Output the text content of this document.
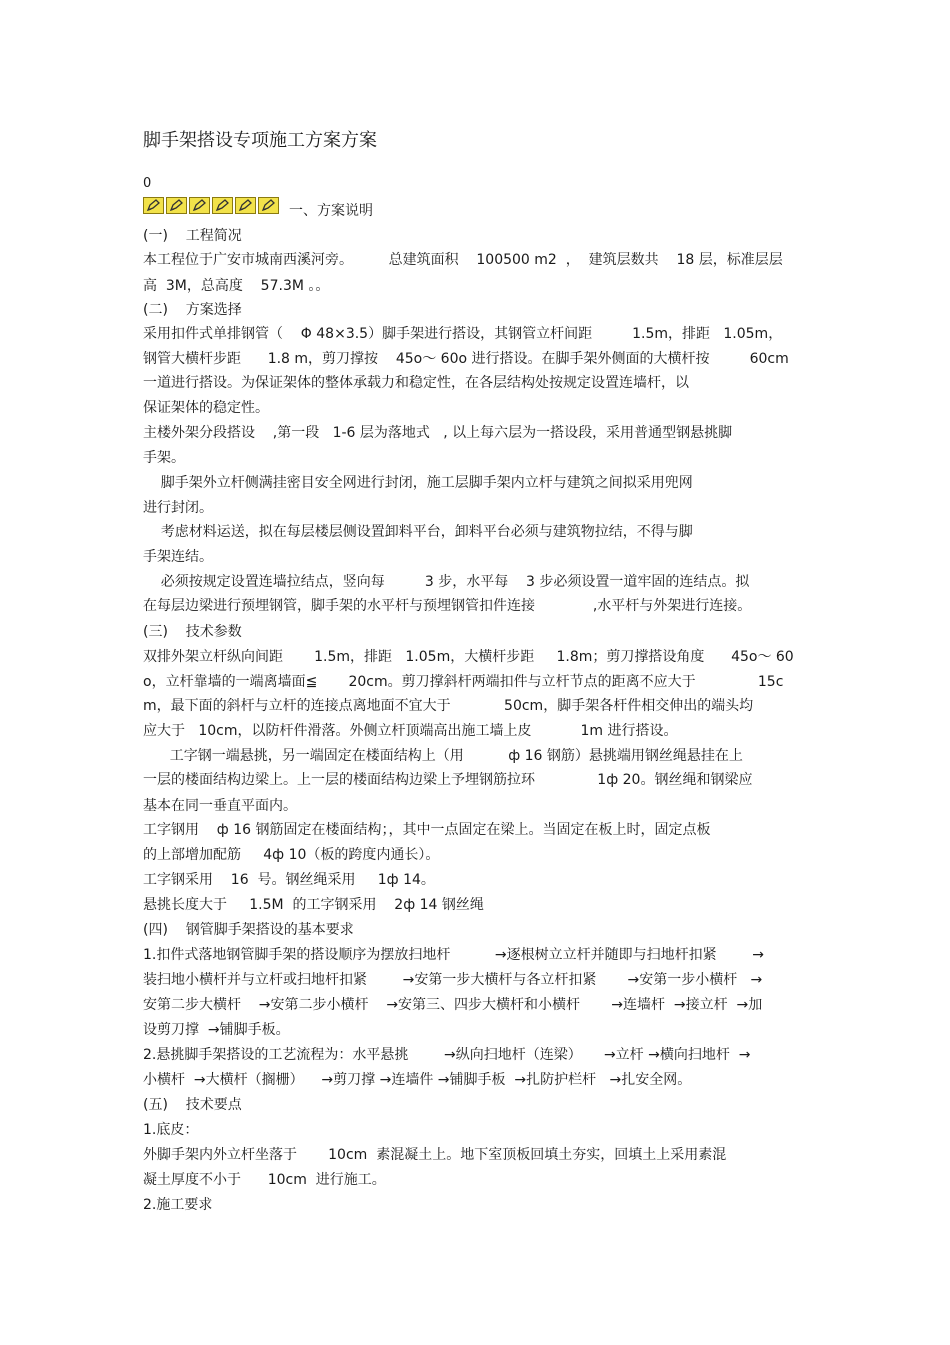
脚手架搭设专项施工方案方案
0
一、方案说明
(一)    工程简况
本工程位于广安市城南西溪河旁。        总建筑面积    100500 m2  ，  建筑层数共    18 层，标准层层
高  3M，总高度    57.3M 。。
(二)    方案选择
采用扣件式单排钢管（    Φ 48×3.5）脚手架进行搭设，其钢管立杆间距         1.5m，排距   1.05m，
钢管大横杆步距      1.8 m，剪刀撑按    45o～ 60o 进行搭设。在脚手架外侧面的大横杆按         60cm
一道进行搭设。为保证架体的整体承载力和稳定性，在各层结构处按规定设置连墙杆，以
保证架体的稳定性。
主楼外架分段搭设    ,第一段   1-6 层为落地式   , 以上每六层为一搭设段，采用普通型钢悬挑脚
手架。
脚手架外立杆侧满挂密目安全网进行封闭，施工层脚手架内立杆与建筑之间拟采用兜网
进行封闭。
考虑材料运送，拟在每层楼层侧设置卸料平台，卸料平台必须与建筑物拉结，不得与脚
手架连结。
必须按规定设置连墙拉结点，竖向每         3 步，水平每    3 步必须设置一道牢固的连结点。拟
在每层边梁进行预埋钢管，脚手架的水平杆与预埋钢管扣件连接             ,水平杆与外架进行连接。
(三)    技术参数
双排外架立杆纵向间距       1.5m，排距   1.05m，大横杆步距     1.8m；剪刀撑搭设角度      45o～ 60
o，立杆靠墙的一端离墙面≦       20cm。剪刀撑斜杆两端扣件与立杆节点的距离不应大于              15c
m，最下面的斜杆与立杆的连接点离地面不宜大于            50cm，脚手架各杆件相交伸出的端头均
应大于   10cm，以防杆件滑落。外侧立杆顶端高出施工墙上皮           1m 进行搭设。
工字钢一端悬挑，另一端固定在楼面结构上（用          ф 16 钢筋）悬挑端用钢丝绳悬挂在上
一层的楼面结构边梁上。上一层的楼面结构边梁上予埋钢筋拉环              1ф 20。钢丝绳和钢梁应
基本在同一垂直平面内。
工字钢用    ф 16 钢筋固定在楼面结构；，其中一点固定在梁上。当固定在板上时，固定点板
的上部增加配筋     4ф 10（板的跨度内通长）。
工字钢采用    16  号。钢丝绳采用     1ф 14。
悬挑长度大于     1.5M  的工字钢采用    2ф 14 钢丝绳
(四)    钢管脚手架搭设的基本要求
1.扣件式落地钢管脚手架的搭设顺序为摆放扫地杆          →逐根树立立杆并随即与扫地杆扣紧        →
装扫地小横杆并与立杆或扫地杆扣紧        →安第一步大横杆与各立杆扣紧       →安第一步小横杆   →
安第二步大横杆    →安第二步小横杆    →安第三、四步大横杆和小横杆       →连墙杆  →接立杆  →加
设剪刀撑  →铺脚手板。
2.悬挑脚手架搭设的工艺流程为：水平悬挑        →纵向扫地杆（连梁）     →立杆 →横向扫地杆  →
小横杆  →大横杆（搁栅）    →剪刀撑 →连墙件 →铺脚手板  →扎防护栏杆   →扎安全网。
(五)    技术要点
1.底皮：
外脚手架内外立杆坐落于       10cm  素混凝土上。地下室顶板回填土夯实，回填土上采用素混
凝土厚度不小于      10cm  进行施工。
2.施工要求
